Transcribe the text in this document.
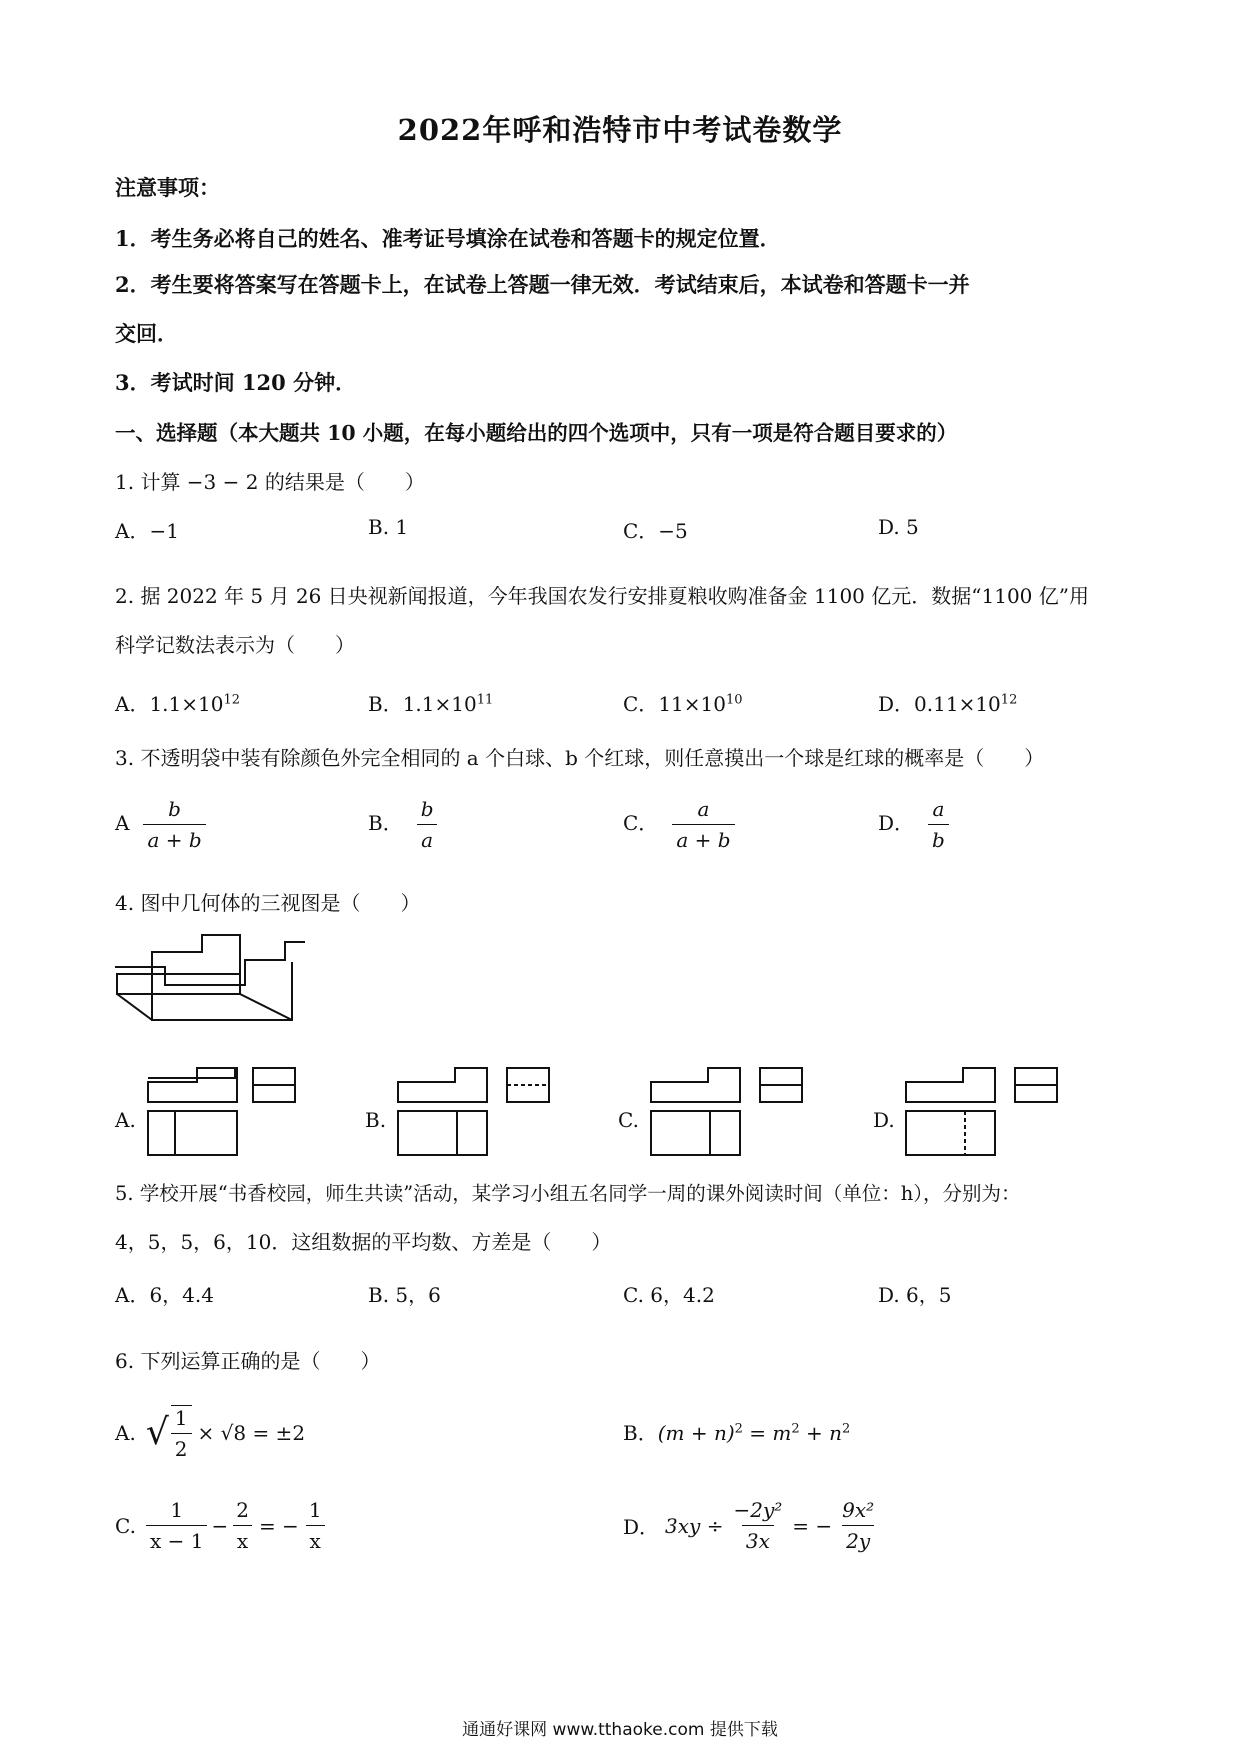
2022年呼和浩特市中考试卷数学
注意事项：
1．考生务必将自己的姓名、准考证号填涂在试卷和答题卡的规定位置．
2．考生要将答案写在答题卡上，在试卷上答题一律无效．考试结束后，本试卷和答题卡一并
交回．
3．考试时间 120 分钟．
一、选择题（本大题共 10 小题，在每小题给出的四个选项中，只有一项是符合题目要求的）
1. 计算 −3 − 2 的结果是（　　）
A．−1	B. 1	C．−5	D. 5
2. 据 2022 年 5 月 26 日央视新闻报道，今年我国农发行安排夏粮收购准备金 1100 亿元．数据“1100 亿”用
科学记数法表示为（　　）
A．$1.1\times 10^{12}$	B．$1.1\times 10^{11}$	C．$11\times 10^{10}$	D．$0.11\times 10^{12}$
3. 不透明袋中装有除颜色外完全相同的 a 个白球、b 个红球，则任意摸出一个球是红球的概率是（　　）
A $\frac{b}{a + b}$	B． $\frac{b}{a}$	C． $\frac{a}{a + b}$	D． $\frac{a}{b}$
4. 图中几何体的三视图是（　　）
A.	B.	C.	D.
5. 学校开展“书香校园，师生共读”活动，某学习小组五名同学一周的课外阅读时间（单位：h），分别为：
4，5，5，6，10．这组数据的平均数、方差是（　　）
A．6，4.4	B. 5，6	C. 6，4.2	D. 6，5
6. 下列运算正确的是（　　）
A. √ $\frac{1}{2} \times √8 = \pm 2$	B．$(m + n)^2 = m^2 + n^2$
C. $\frac{1}{x - 1} - \frac{2}{x}$ = − $\frac{1}{x}$	D． $3xy \div \frac{\text{−2y²}}{3x}$ = − $\frac{\text{9x²}}{2y}$
通通好课网 www.tthaoke.com 提供下载
